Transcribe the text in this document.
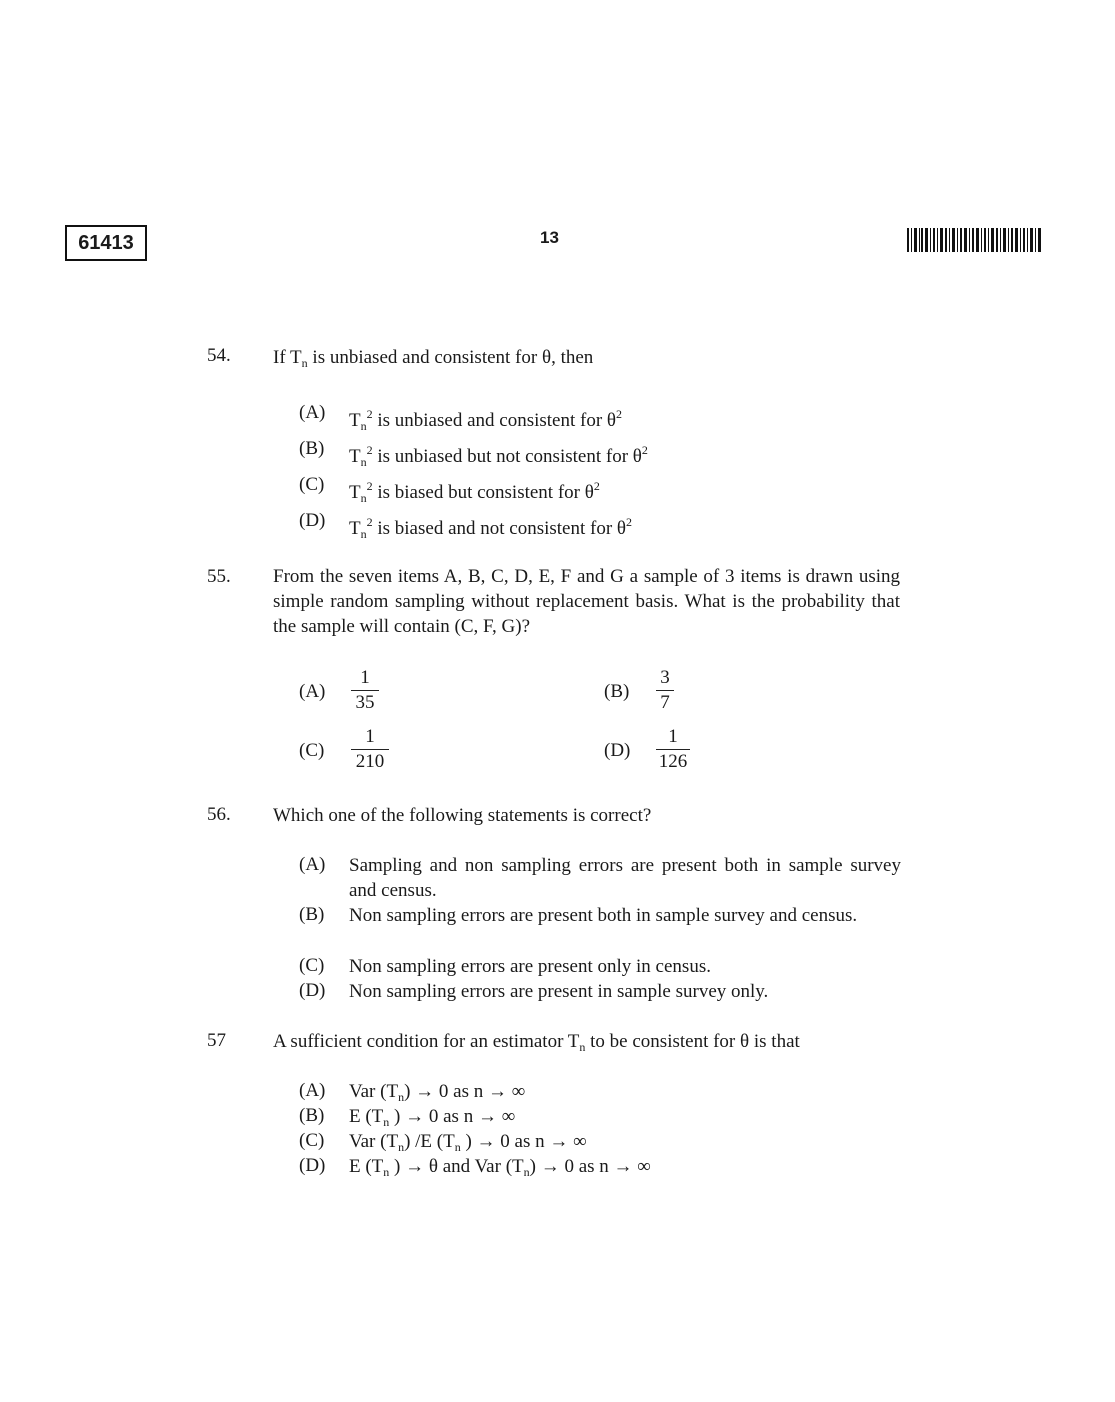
61413	13
54. If $T_n$ is unbiased and consistent for θ, then
(A) $T_n^2$ is unbiased and consistent for $\theta^2$
(B) $T_n^2$ is unbiased but not consistent for $\theta^2$
(C) $T_n^2$ is biased but consistent for $\theta^2$
(D) $T_n^2$ is biased and not consistent for $\theta^2$
55. From the seven items A, B, C, D, E, F and G a sample of 3 items is drawn using simple random sampling without replacement basis. What is the probability that the sample will contain (C, F, G)?
(A)
1
35
(B)
3
7
(C)
1
210
(D)
1
126
56. Which one of the following statements is correct?
(A) Sampling and non sampling errors are present both in sample survey and census.
(B) Non sampling errors are present both in sample survey and census.
(C) Non sampling errors are present only in census.
(D) Non sampling errors are present in sample survey only.
57 A sufficient condition for an estimator $T_n$ to be consistent for θ is that
(A) Var $(T_n) \to 0$ as n → ∞
(B) E ($T_n$ ) → 0 as n → ∞
(C) Var $(T_n)$ /E ($T_n$ ) → 0 as n → ∞
(D) E ($T_n$ ) → θ and Var $(T_n) \to 0$ as n → ∞
